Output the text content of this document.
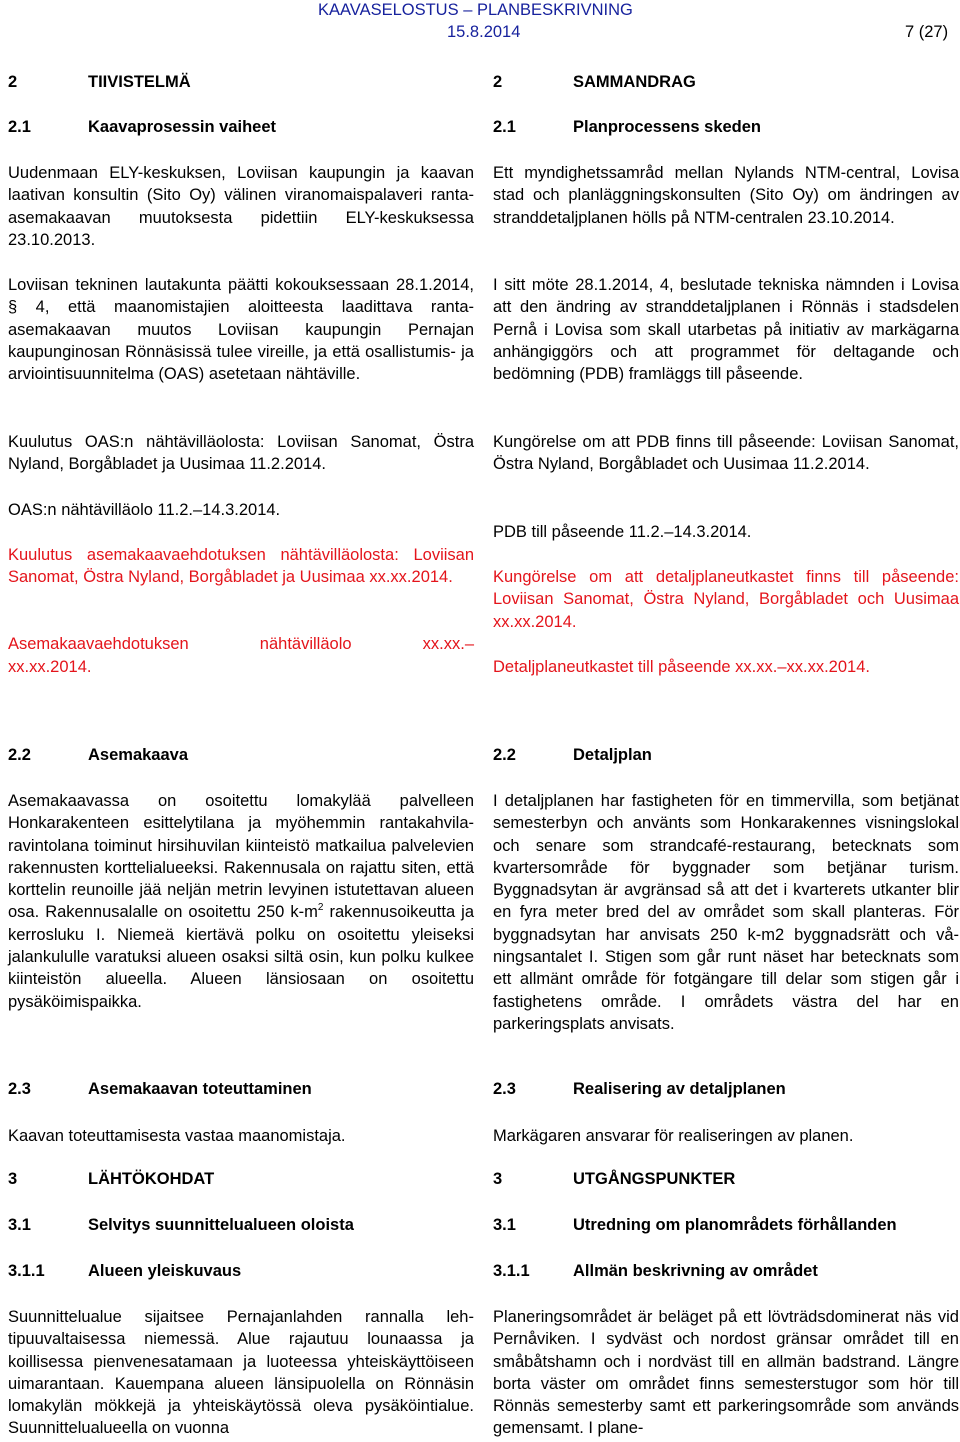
KAAVASELOSTUS – PLANBESKRIVNING
15.8.2014	7 (27)
2	TIIVISTELMÄ
2.1	Kaavaprosessin vaiheet

Uudenmaan ELY-keskuksen, Loviisan kaupungin ja kaavan laativan konsultin (Sito Oy) välinen viranomaispalaveri ranta-asemakaavan muutoksesta pidettiin ELY-keskuksessa 23.10.2013.

Loviisan tekninen lautakunta päätti kokouksessaan 28.1.2014, § 4, että maanomistajien aloitteesta laadittava ranta-asemakaavan muutos Loviisan kaupungin Pernajan kaupunginosan Rönnäsissä tulee vireille, ja että osallistumis- ja arviointisuunnitelma (OAS) asetetaan nähtäville.

Kuulutus OAS:n nähtävilläolosta: Loviisan Sanomat, Östra Nyland, Borgåbladet ja Uusimaa 11.2.2014.

OAS:n nähtävilläolo 11.2.–14.3.2014.

Kuulutus asemakaavaehdotuksen nähtävilläolosta: Loviisan Sanomat, Östra Nyland, Borgåbladet ja Uusimaa xx.xx.2014.

Asemakaavaehdotuksen nähtävilläolo xx.xx.–

xx.xx.2014.

2.2	Asemakaava

Asemakaavassa on osoitettu lomakylää palvelleen Honkarakenteen esittelytilana ja myöhemmin rantakahvila-ravintolana toiminut hirsihuvilan kiinteistö matkailua palvelevien rakennusten korttelialueeksi. Rakennusala on rajattu siten, että korttelin reunoille jää neljän metrin levyinen istutettavan alueen osa. Rakennusalalle on osoitettu 250 $k-m^2$ rakennusoikeutta ja kerrosluku I. Niemeä kiertävä polku on osoitettu yleiseksi jalankululle varatuksi alueen osaksi siltä osin, kun polku kulkee kiinteistön alueella. Alueen länsiosaan on osoitettu pysäköimispaikka.

2.3	Asemakaavan toteuttaminen

Kaavan toteuttamisesta vastaa maanomistaja.

3	LÄHTÖKOHDAT
3.1	Selvitys suunnittelualueen oloista
3.1.1	Alueen yleiskuvaus

Suunnittelualue sijaitsee Pernajanlahden rannalla lehtipuuvaltaisessa niemessä. Alue rajautuu lounaassa ja koillisessa pienvenesatamaan ja luoteessa yhteiskäyttöiseen uimarantaan. Kauempana alueen länsipuolella on Rönnäsin lomakylän mökkejä ja yhteiskäytössä oleva pysäköintialue. Suunnittelualueella on vuonna

2	SAMMANDRAG
2.1	Planprocessens skeden

Ett myndighetssamråd mellan Nylands NTM-central, Lovisa stad och planläggningskonsulten (Sito Oy) om ändringen av stranddetaljplanen hölls på NTM-centralen 23.10.2014.

I sitt möte 28.1.2014, 4, beslutade tekniska nämnden i Lovisa att den ändring av stranddetaljplanen i Rönnäs i stadsdelen Pernå i Lovisa som skall utarbetas på initiativ av markägarna anhängiggörs och att programmet för deltagande och bedömning (PDB) framläggs till påseende.

Kungörelse om att PDB finns till påseende: Loviisan Sanomat, Östra Nyland, Borgåbladet och Uusimaa 11.2.2014.

PDB till påseende 11.2.–14.3.2014.

Kungörelse om att detaljplaneutkastet finns till påseende: Loviisan Sanomat, Östra Nyland, Borgåbladet och Uusimaa xx.xx.2014.

Detaljplaneutkastet till påseende xx.xx.–xx.xx.2014.

2.2	Detaljplan

I detaljplanen har fastigheten för en timmervilla, som betjänat semesterbyn och använts som Honkarakennes visningslokal och senare som strandcafé-restaurang, betecknats som kvartersområde för byggnader som betjänar turism. Byggnadsytan är avgränsad så att det i kvarterets utkanter blir en fyra meter bred del av området som skall planteras. För byggnadsytan har anvisats 250 k-m2 byggnadsrätt och våningsantalet I. Stigen som går runt näset har betecknats som ett allmänt område för fotgängare till delar som stigen går i fastighetens område. I områdets västra del har en parkeringsplats anvisats.

2.3	Realisering av detaljplanen

Markägaren ansvarar för realiseringen av planen.

3	UTGÅNGSPUNKTER
3.1	Utredning om planområdets förhållanden
3.1.1	Allmän beskrivning av området

Planeringsområdet är beläget på ett lövträdsdominerat näs vid Pernåviken. I sydväst och nordost gränsar området till en småbåtshamn och i nordväst till en allmän badstrand. Längre borta väster om området finns semesterstugor som hör till Rönnäs semesterby samt ett parkeringsområde som används gemensamt. I plane-
